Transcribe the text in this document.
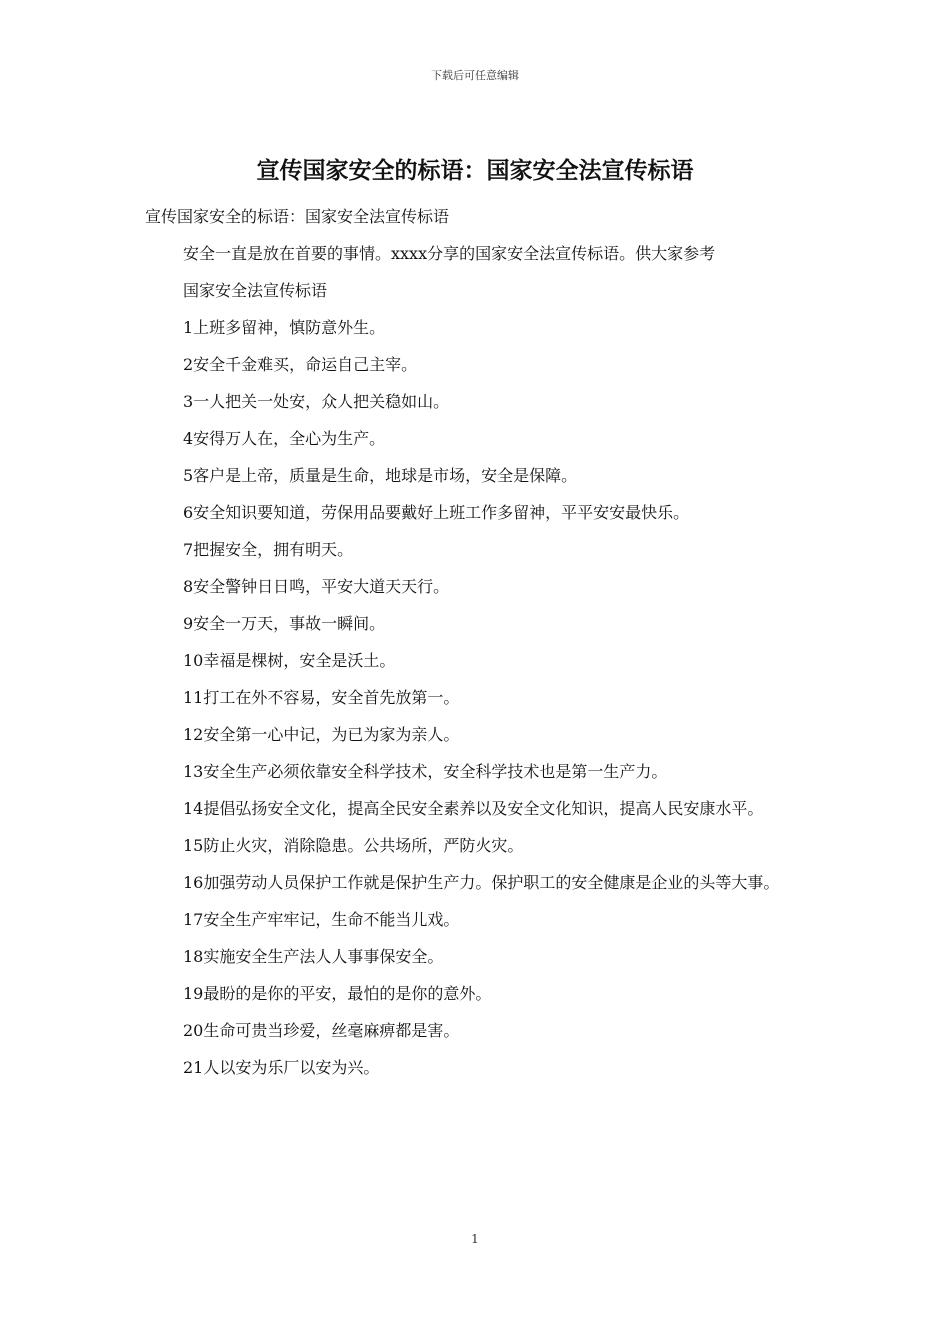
下载后可任意编辑
宣传国家安全的标语：国家安全法宣传标语

宣传国家安全的标语：国家安全法宣传标语

安全一直是放在首要的事情。xxxx分享的国家安全法宣传标语。供大家参考

国家安全法宣传标语

1上班多留神，慎防意外生。

2安全千金难买，命运自己主宰。

3一人把关一处安，众人把关稳如山。

4安得万人在，全心为生产。

5客户是上帝，质量是生命，地球是市场，安全是保障。

6安全知识要知道，劳保用品要戴好上班工作多留神，平平安安最快乐。

7把握安全，拥有明天。

8安全警钟日日鸣，平安大道天天行。

9安全一万天，事故一瞬间。

10幸福是棵树，安全是沃土。

11打工在外不容易，安全首先放第一。

12安全第一心中记，为已为家为亲人。

13安全生产必须依靠安全科学技术，安全科学技术也是第一生产力。

14提倡弘扬安全文化，提高全民安全素养以及安全文化知识，提高人民安康水平。

15防止火灾，消除隐患。公共场所，严防火灾。

16加强劳动人员保护工作就是保护生产力。保护职工的安全健康是企业的头等大事。

17安全生产牢牢记，生命不能当儿戏。

18实施安全生产法人人事事保安全。

19最盼的是你的平安，最怕的是你的意外。

20生命可贵当珍爱，丝毫麻痹都是害。

21人以安为乐厂以安为兴。

1
